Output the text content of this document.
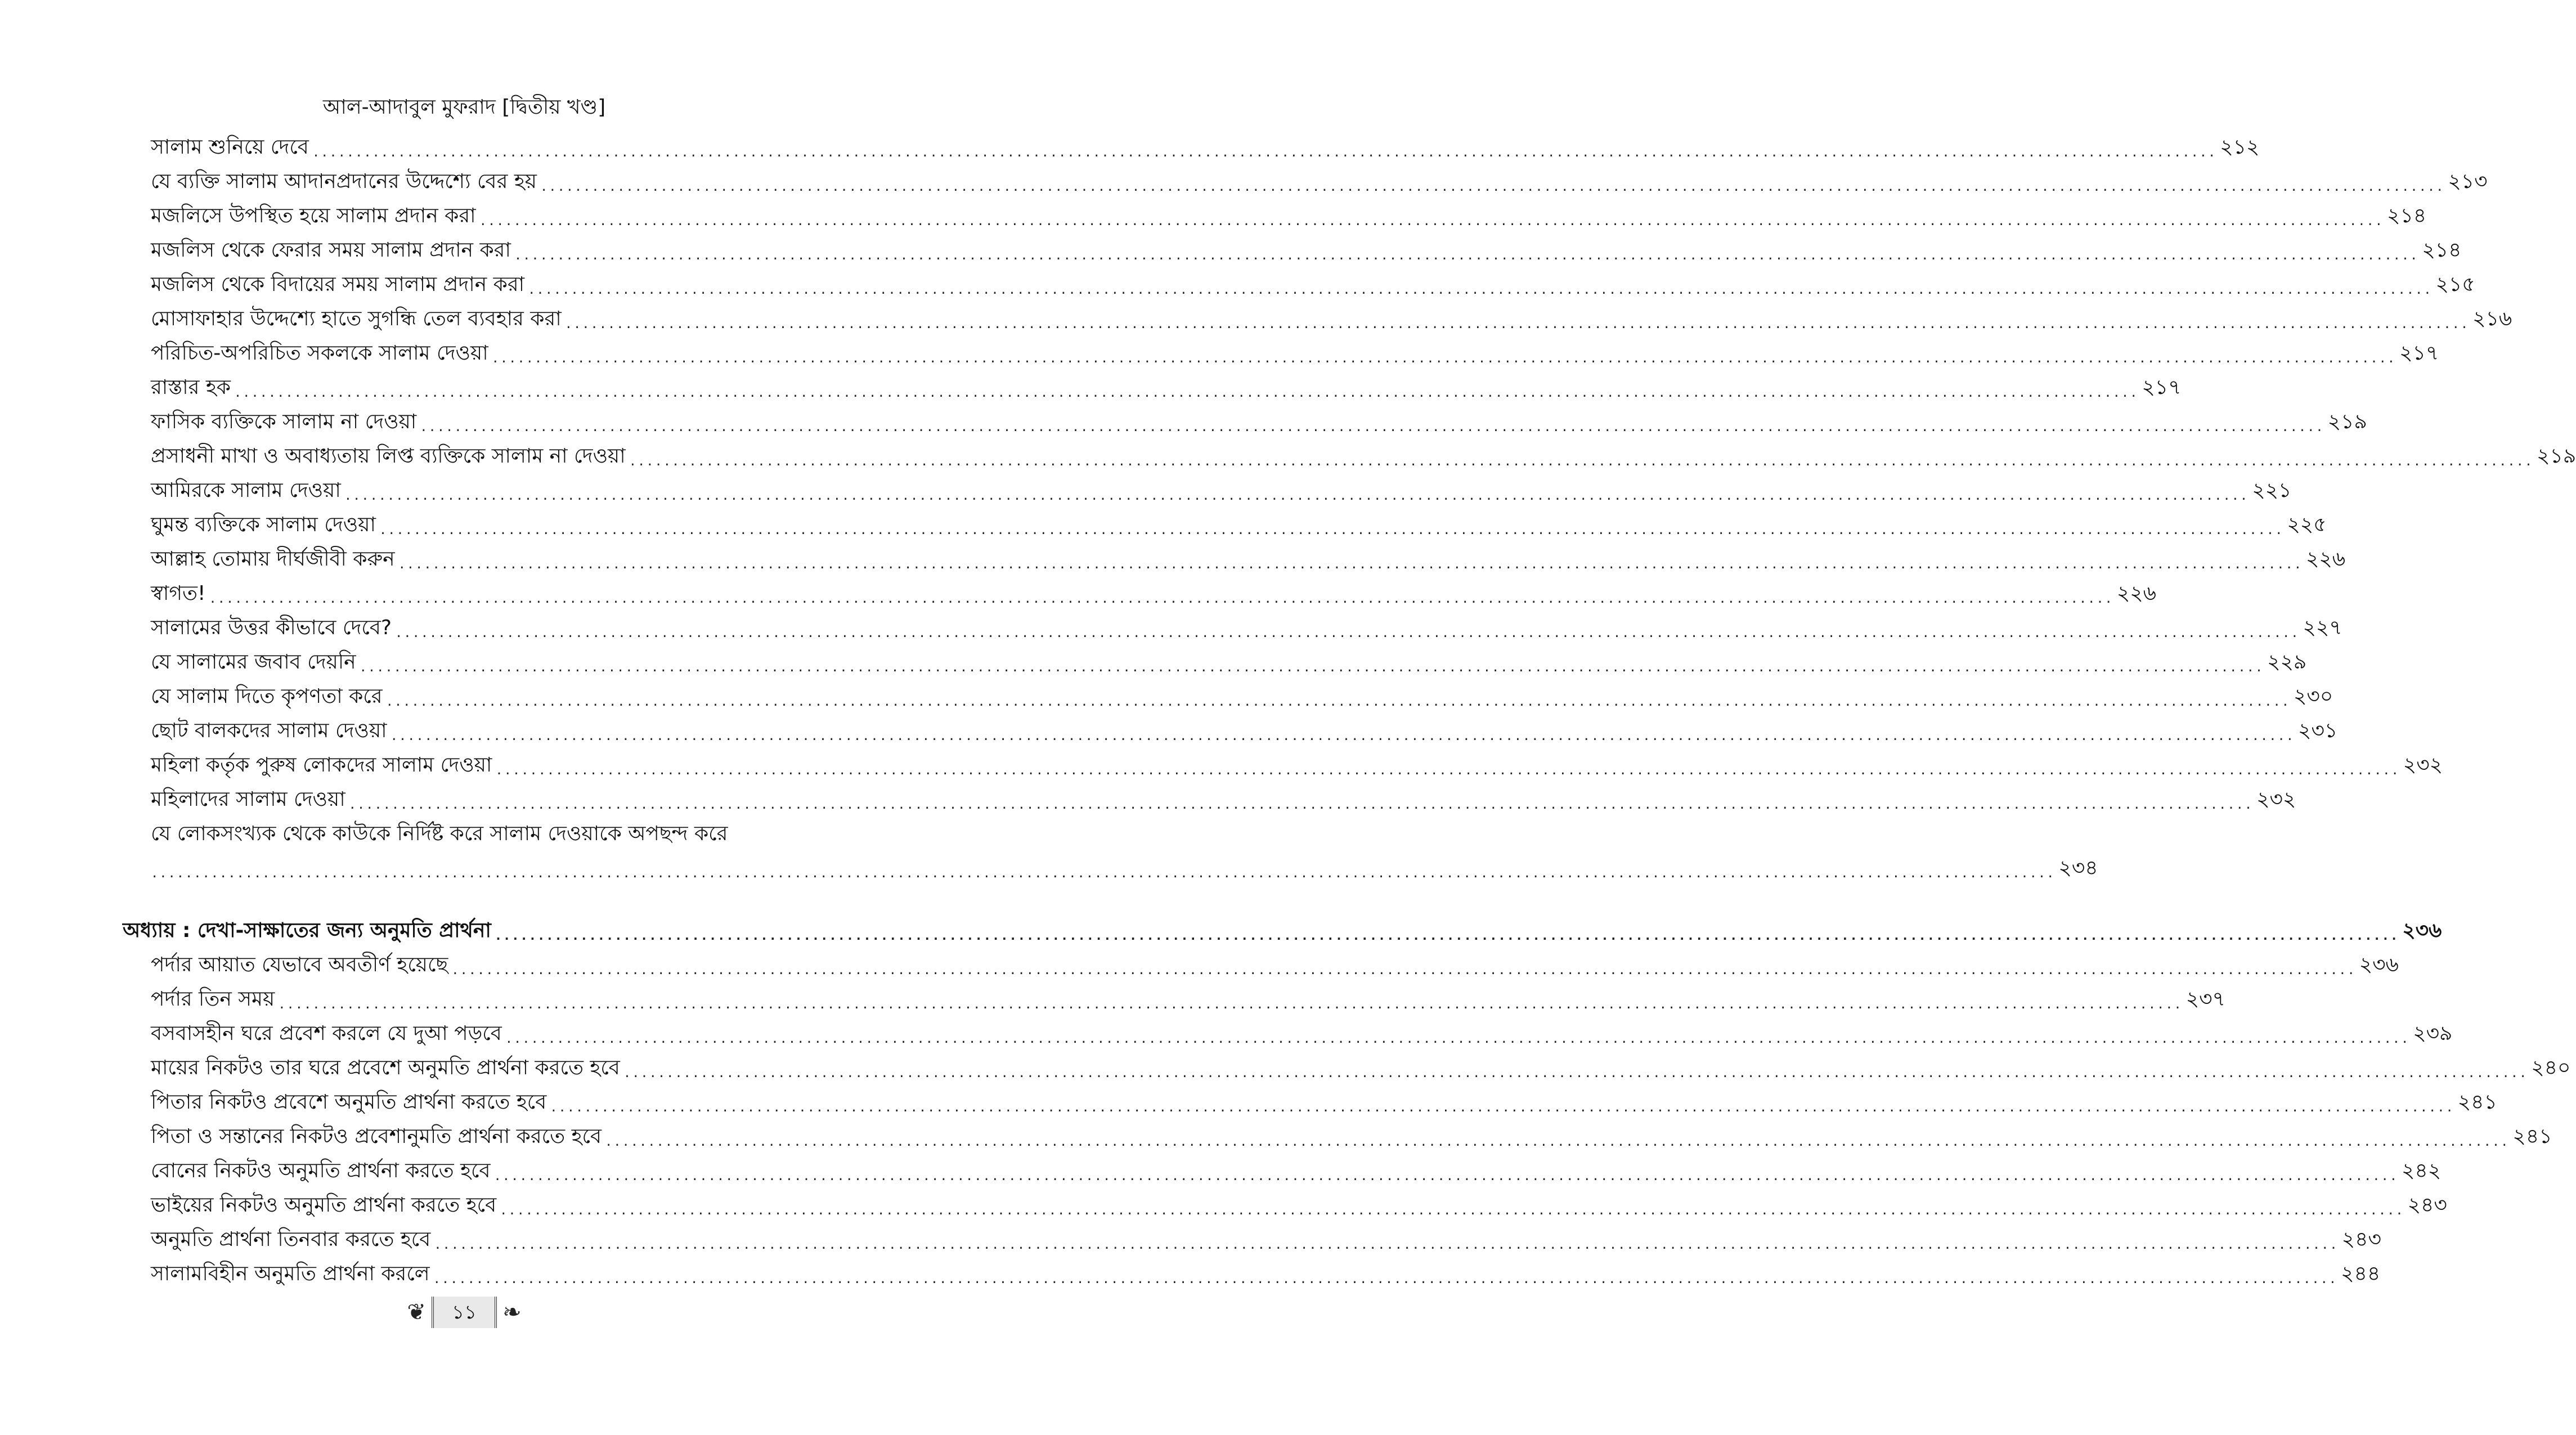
আল-আদাবুল মুফরাদ [দ্বিতীয় খণ্ড]
সালাম শুনিয়ে দেবে .............................................................................................................................................................................................................................. ২১২
যে ব্যক্তি সালাম আদানপ্রদানের উদ্দেশ্যে বের হয় .............................................................................................................................................................................................................................. ২১৩
মজলিসে উপস্থিত হয়ে সালাম প্রদান করা .............................................................................................................................................................................................................................. ২১৪
মজলিস থেকে ফেরার সময় সালাম প্রদান করা .............................................................................................................................................................................................................................. ২১৪
মজলিস থেকে বিদায়ের সময় সালাম প্রদান করা .............................................................................................................................................................................................................................. ২১৫
মোসাফাহার উদ্দেশ্যে হাতে সুগন্ধি তেল ব্যবহার করা .............................................................................................................................................................................................................................. ২১৬
পরিচিত-অপরিচিত সকলকে সালাম দেওয়া .............................................................................................................................................................................................................................. ২১৭
রাস্তার হক .............................................................................................................................................................................................................................. ২১৭
ফাসিক ব্যক্তিকে সালাম না দেওয়া .............................................................................................................................................................................................................................. ২১৯
প্রসাধনী মাখা ও অবাধ্যতায় লিপ্ত ব্যক্তিকে সালাম না দেওয়া .............................................................................................................................................................................................................................. ২১৯
আমিরকে সালাম দেওয়া .............................................................................................................................................................................................................................. ২২১
ঘুমন্ত ব্যক্তিকে সালাম দেওয়া .............................................................................................................................................................................................................................. ২২৫
আল্লাহ তোমায় দীর্ঘজীবী করুন .............................................................................................................................................................................................................................. ২২৬
স্বাগত! .............................................................................................................................................................................................................................. ২২৬
সালামের উত্তর কীভাবে দেবে? .............................................................................................................................................................................................................................. ২২৭
যে সালামের জবাব দেয়নি .............................................................................................................................................................................................................................. ২২৯
যে সালাম দিতে কৃপণতা করে .............................................................................................................................................................................................................................. ২৩০
ছোট বালকদের সালাম দেওয়া .............................................................................................................................................................................................................................. ২৩১
মহিলা কর্তৃক পুরুষ লোকদের সালাম দেওয়া .............................................................................................................................................................................................................................. ২৩২
মহিলাদের সালাম দেওয়া .............................................................................................................................................................................................................................. ২৩২
যে লোকসংখ্যক থেকে কাউকে নির্দিষ্ট করে সালাম দেওয়াকে অপছন্দ করে
.............................................................................................................................................................................................................................. ২৩৪
অধ্যায় : দেখা-সাক্ষাতের জন্য অনুমতি প্রার্থনা .............................................................................................................................................................................................................................. ২৩৬
পর্দার আয়াত যেভাবে অবতীর্ণ হয়েছে .............................................................................................................................................................................................................................. ২৩৬
পর্দার তিন সময় .............................................................................................................................................................................................................................. ২৩৭
বসবাসহীন ঘরে প্রবেশ করলে যে দুআ পড়বে .............................................................................................................................................................................................................................. ২৩৯
মায়ের নিকটও তার ঘরে প্রবেশে অনুমতি প্রার্থনা করতে হবে .............................................................................................................................................................................................................................. ২৪০
পিতার নিকটও প্রবেশে অনুমতি প্রার্থনা করতে হবে .............................................................................................................................................................................................................................. ২৪১
পিতা ও সন্তানের নিকটও প্রবেশানুমতি প্রার্থনা করতে হবে .............................................................................................................................................................................................................................. ২৪১
বোনের নিকটও অনুমতি প্রার্থনা করতে হবে .............................................................................................................................................................................................................................. ২৪২
ভাইয়ের নিকটও অনুমতি প্রার্থনা করতে হবে .............................................................................................................................................................................................................................. ২৪৩
অনুমতি প্রার্থনা তিনবার করতে হবে .............................................................................................................................................................................................................................. ২৪৩
সালামবিহীন অনুমতি প্রার্থনা করলে .............................................................................................................................................................................................................................. ২৪৪
❦	১১	❧
